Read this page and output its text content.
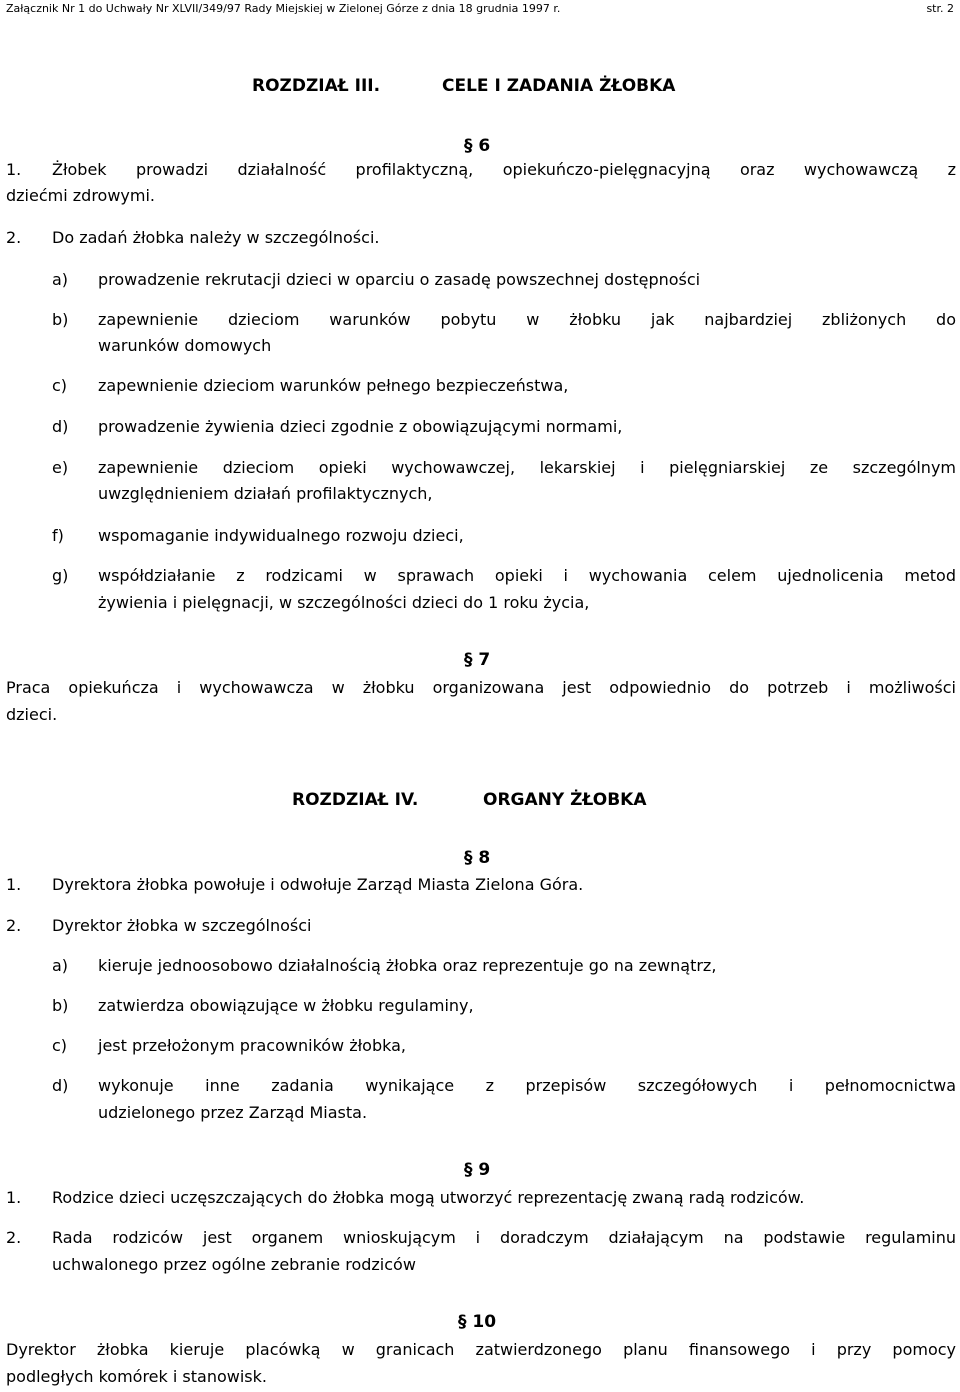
Załącznik Nr 1 do Uchwały Nr XLVII/349/97 Rady Miejskiej w Zielonej Górze z dnia 18 grudnia 1997 r.	str. 2
ROZDZIAŁ III.	CELE I ZADANIA ŻŁOBKA
§ 6
1. Żłobek prowadzi działalność profilaktyczną, opiekuńczo-pielęgnacyjną oraz wychowawczą z
dziećmi zdrowymi.
2. Do zadań żłobka należy w szczególności.
a) prowadzenie rekrutacji dzieci w oparciu o zasadę powszechnej dostępności
b) zapewnienie dzieciom warunków pobytu w żłobku jak najbardziej zbliżonych do
warunków domowych
c) zapewnienie dzieciom warunków pełnego bezpieczeństwa,
d) prowadzenie żywienia dzieci zgodnie z obowiązującymi normami,
e) zapewnienie dzieciom opieki wychowawczej, lekarskiej i pielęgniarskiej ze szczególnym
uwzględnieniem działań profilaktycznych,
f) wspomaganie indywidualnego rozwoju dzieci,
g) współdziałanie z rodzicami w sprawach opieki i wychowania celem ujednolicenia metod
żywienia i pielęgnacji, w szczególności dzieci do 1 roku życia,
§ 7
Praca opiekuńcza i wychowawcza w żłobku organizowana jest odpowiednio do potrzeb i możliwości
dzieci.
ROZDZIAŁ IV.	ORGANY ŻŁOBKA
§ 8
1. Dyrektora żłobka powołuje i odwołuje Zarząd Miasta Zielona Góra.
2. Dyrektor żłobka w szczególności
a) kieruje jednoosobowo działalnością żłobka oraz reprezentuje go na zewnątrz,
b) zatwierdza obowiązujące w żłobku regulaminy,
c) jest przełożonym pracowników żłobka,
d) wykonuje inne zadania wynikające z przepisów szczegółowych i pełnomocnictwa
udzielonego przez Zarząd Miasta.
§ 9
1. Rodzice dzieci uczęszczających do żłobka mogą utworzyć reprezentację zwaną radą rodziców.
2. Rada rodziców jest organem wnioskującym i doradczym działającym na podstawie regulaminu
uchwalonego przez ogólne zebranie rodziców
§ 10
Dyrektor żłobka kieruje placówką w granicach zatwierdzonego planu finansowego i przy pomocy
podległych komórek i stanowisk.
